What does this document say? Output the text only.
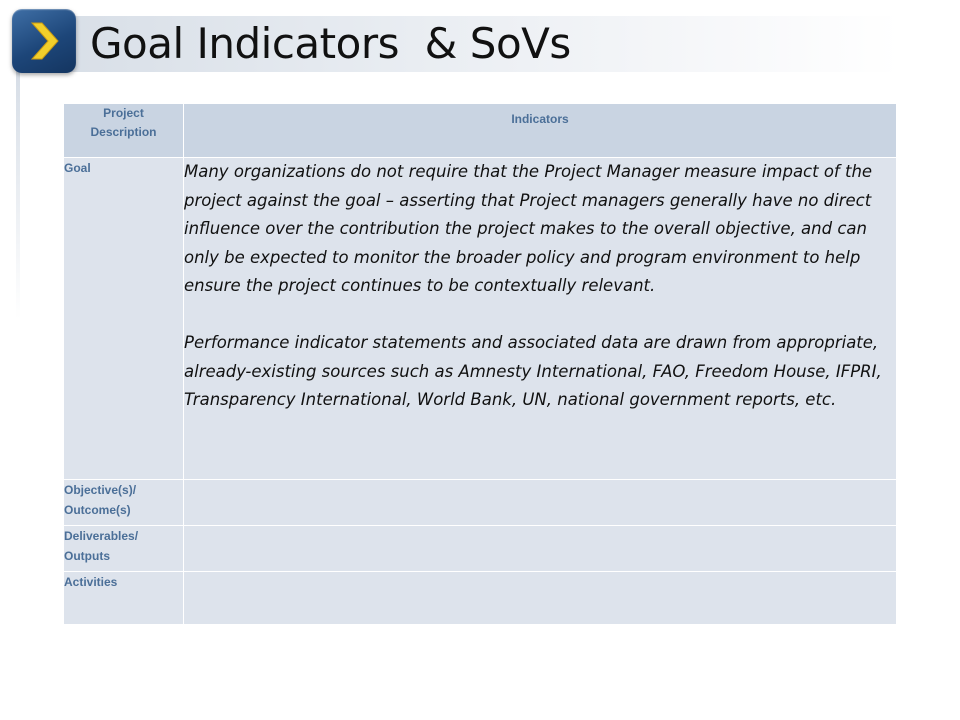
Goal Indicators  & SoVs
Project Description	Indicators
Goal	Many organizations do not require that the Project Manager measure impact of the project against the goal – asserting that Project managers generally have no direct influence over the contribution the project makes to the overall objective, and can only be expected to monitor the broader policy and program environment to help ensure the project continues to be contextually relevant.

Performance indicator statements and associated data are drawn from appropriate, already-existing sources such as Amnesty International, FAO, Freedom House, IFPRI, Transparency International, World Bank, UN, national government reports, etc.

Objective(s)/ Outcome(s)	
Deliverables/ Outputs	
Activities	
